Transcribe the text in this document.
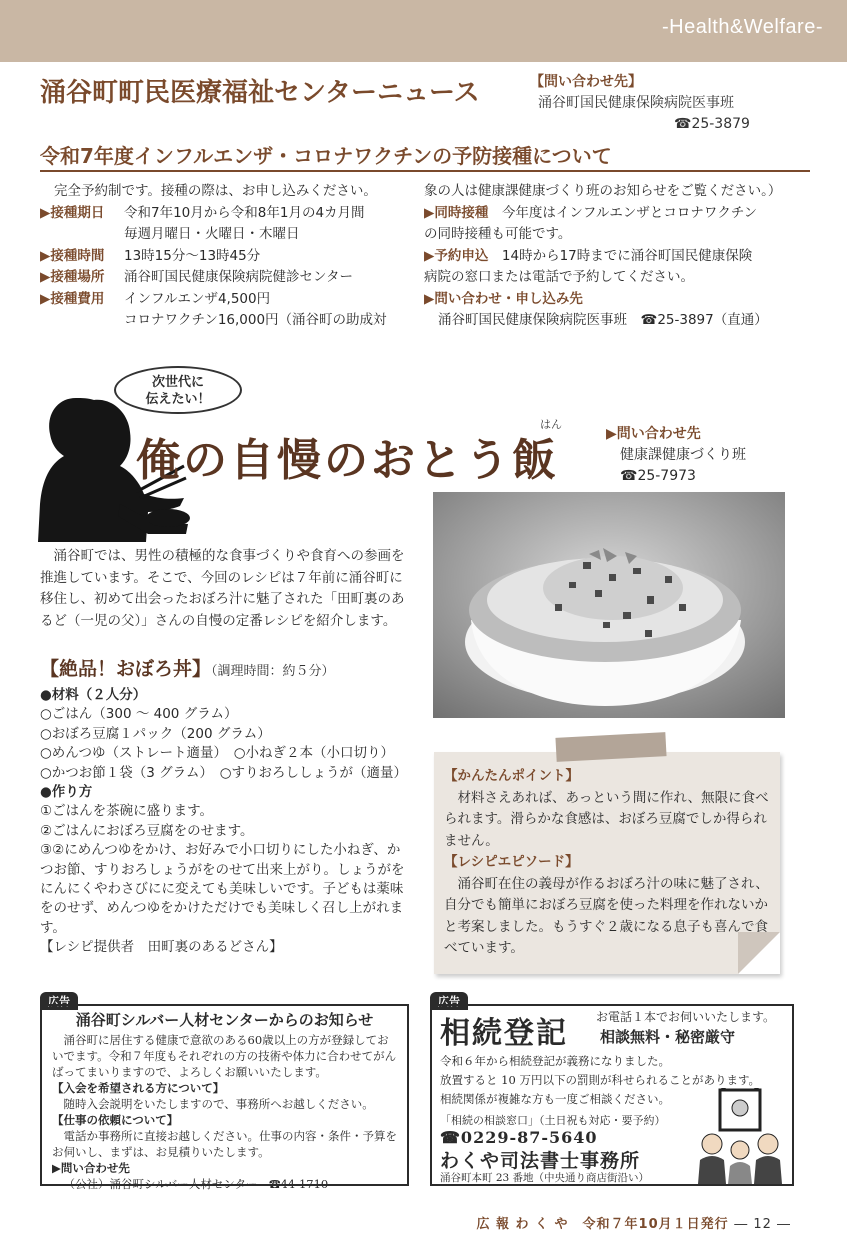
-Health&Welfare-
涌谷町町民医療福祉センターニュース	【問い合わせ先】
涌谷町国民健康保険病院医事班
☎25-3879
令和7年度インフルエンザ・コロナワクチンの予防接種について
完全予約制です。接種の際は、お申し込みください。
▶接種期日	令和7年10月から令和8年1月の4カ月間
毎週月曜日・火曜日・木曜日
▶接種時間	13時15分〜13時45分
▶接種場所	涌谷町国民健康保険病院健診センター
▶接種費用	インフルエンザ4,500円
コロナワクチン16,000円（涌谷町の助成対
象の人は健康課健康づくり班のお知らせをご覧ください。）
▶同時接種　 今年度はインフルエンザとコロナワクチン
の同時接種も可能です。
▶予約申込　 14時から17時までに涌谷町国民健康保険
病院の窓口または電話で予約してください。
▶問い合わせ・申し込み先
涌谷町国民健康保険病院医事班　☎25-3897（直通）
次世代に
伝えたい！
はん
俺の自慢のおとう飯
▶問い合わせ先
健康課健康づくり班
☎25-7973
涌谷町では、男性の積極的な食事づくりや食育への参画を推進しています。そこで、今回のレシピは７年前に涌谷町に移住し、初めて出会ったおぼろ汁に魅了された「田町裏のあるど（一児の父）」さんの自慢の定番レシピを紹介します。
【絶品！おぼろ丼】（調理時間：約５分）
●材料（２人分）
○ごはん（300 〜 400 グラム）
○おぼろ豆腐１パック（200 グラム）
○めんつゆ（ストレート適量）　○小ねぎ２本（小口切り）
○かつお節１袋（3 グラム）　○すりおろししょうが（適量）
●作り方
①ごはんを茶碗に盛ります。
②ごはんにおぼろ豆腐をのせます。
③②にめんつゆをかけ、お好みで小口切りにした小ねぎ、かつお節、すりおろしょうがをのせて出来上がり。しょうがをにんにくやわさびにに変えても美味しいです。子どもは薬味をのせず、めんつゆをかけただけでも美味しく召し上がれます。
【レシピ提供者　田町裏のあるどさん】
【かんたんポイント】

材料さえあれば、あっという間に作れ、無限に食べられます。滑らかな食感は、おぼろ豆腐でしか得られません。

【レシピエピソード】

涌谷町在住の義母が作るおぼろ汁の味に魅了され、自分でも簡単におぼろ豆腐を使った料理を作れないかと考案しました。もうすぐ２歳になる息子も喜んで食べています。

広告
涌谷町シルバー人材センターからのお知らせ
涌谷町に居住する健康で意欲のある60歳以上の方が登録しておいでます。令和７年度もそれぞれの方の技術や体力に合わせてがんばってまいりますので、よろしくお願いいたします。
【入会を希望される方について】
随時入会説明をいたしますので、事務所へお越しください。
【仕事の依頼について】
電話か事務所に直接お越しください。仕事の内容・条件・予算をお伺いし、まずは、お見積りいたします。
▶問い合わせ先
（公社）涌谷町シルバー人材センター　☎44-1710
広告
相続登記 お電話１本でお伺いいたします。
相談無料・秘密厳守
令和６年から相続登記が義務になりました。
放置すると 10 万円以下の罰則が科せられることがあります。
相続関係が複雑な方も一度ご相談ください。
「相続の相談窓口」（土日祝も対応・要予約）
☎0229-87-5640
わくや司法書士事務所
涌谷町本町 23 番地（中央通り商店街沿い）
広 報 わ く や　令和７年10月１日発行 ― 12 ―
